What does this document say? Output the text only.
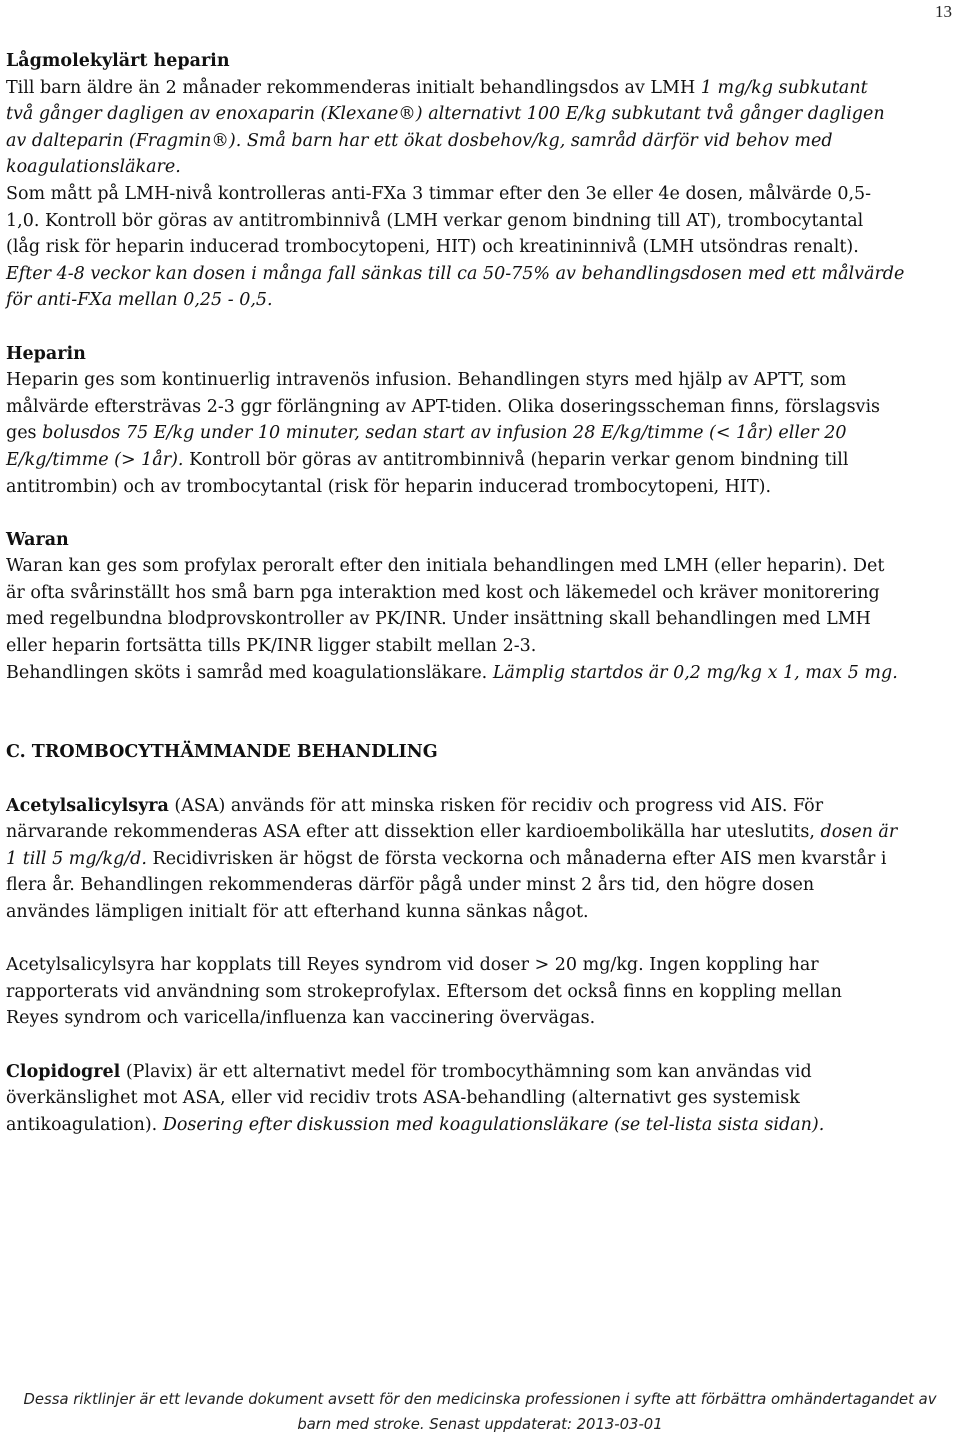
13
Lågmolekylärt heparin
Till barn äldre än 2 månader rekommenderas initialt behandlingsdos av LMH 1 mg/kg subkutant
två gånger dagligen av enoxaparin (Klexane®) alternativt 100 E/kg subkutant två gånger dagligen
av dalteparin (Fragmin®). Små barn har ett ökat dosbehov/kg, samråd därför vid behov med
koagulationsläkare.
Som mått på LMH-nivå kontrolleras anti-FXa 3 timmar efter den 3e eller 4e dosen, målvärde 0,5-
1,0. Kontroll bör göras av antitrombinnivå (LMH verkar genom bindning till AT), trombocytantal
(låg risk för heparin inducerad trombocytopeni, HIT) och kreatininnivå (LMH utsöndras renalt).
Efter 4-8 veckor kan dosen i många fall sänkas till ca 50-75% av behandlingsdosen med ett målvärde
för anti-FXa mellan 0,25 - 0,5.
Heparin
Heparin ges som kontinuerlig intravenös infusion. Behandlingen styrs med hjälp av APTT, som
målvärde eftersträvas 2-3 ggr förlängning av APT-tiden. Olika doseringsscheman finns, förslagsvis
ges bolusdos 75 E/kg under 10 minuter, sedan start av infusion 28 E/kg/timme (< 1år) eller 20
E/kg/timme (> 1år). Kontroll bör göras av antitrombinnivå (heparin verkar genom bindning till
antitrombin) och av trombocytantal (risk för heparin inducerad trombocytopeni, HIT).
Waran
Waran kan ges som profylax peroralt efter den initiala behandlingen med LMH (eller heparin). Det
är ofta svårinställt hos små barn pga interaktion med kost och läkemedel och kräver monitorering
med regelbundna blodprovskontroller av PK/INR. Under insättning skall behandlingen med LMH
eller heparin fortsätta tills PK/INR ligger stabilt mellan 2-3.
Behandlingen sköts i samråd med koagulationsläkare. Lämplig startdos är 0,2 mg/kg x 1, max 5 mg.
C. TROMBOCYTHÄMMANDE BEHANDLING
Acetylsalicylsyra (ASA) används för att minska risken för recidiv och progress vid AIS. För
närvarande rekommenderas ASA efter att dissektion eller kardioembolikälla har uteslutits, dosen är
1 till 5 mg/kg/d. Recidivrisken är högst de första veckorna och månaderna efter AIS men kvarstår i
flera år. Behandlingen rekommenderas därför pågå under minst 2 års tid, den högre dosen
användes lämpligen initialt för att efterhand kunna sänkas något.
Acetylsalicylsyra har kopplats till Reyes syndrom vid doser > 20 mg/kg. Ingen koppling har
rapporterats vid användning som strokeprofylax. Eftersom det också finns en koppling mellan
Reyes syndrom och varicella/influenza kan vaccinering övervägas.
Clopidogrel (Plavix) är ett alternativt medel för trombocythämning som kan användas vid
överkänslighet mot ASA, eller vid recidiv trots ASA-behandling (alternativt ges systemisk
antikoagulation). Dosering efter diskussion med koagulationsläkare (se tel-lista sista sidan).
Dessa riktlinjer är ett levande dokument avsett för den medicinska professionen i syfte att förbättra omhändertagandet av
barn med stroke. Senast uppdaterat: 2013-03-01
